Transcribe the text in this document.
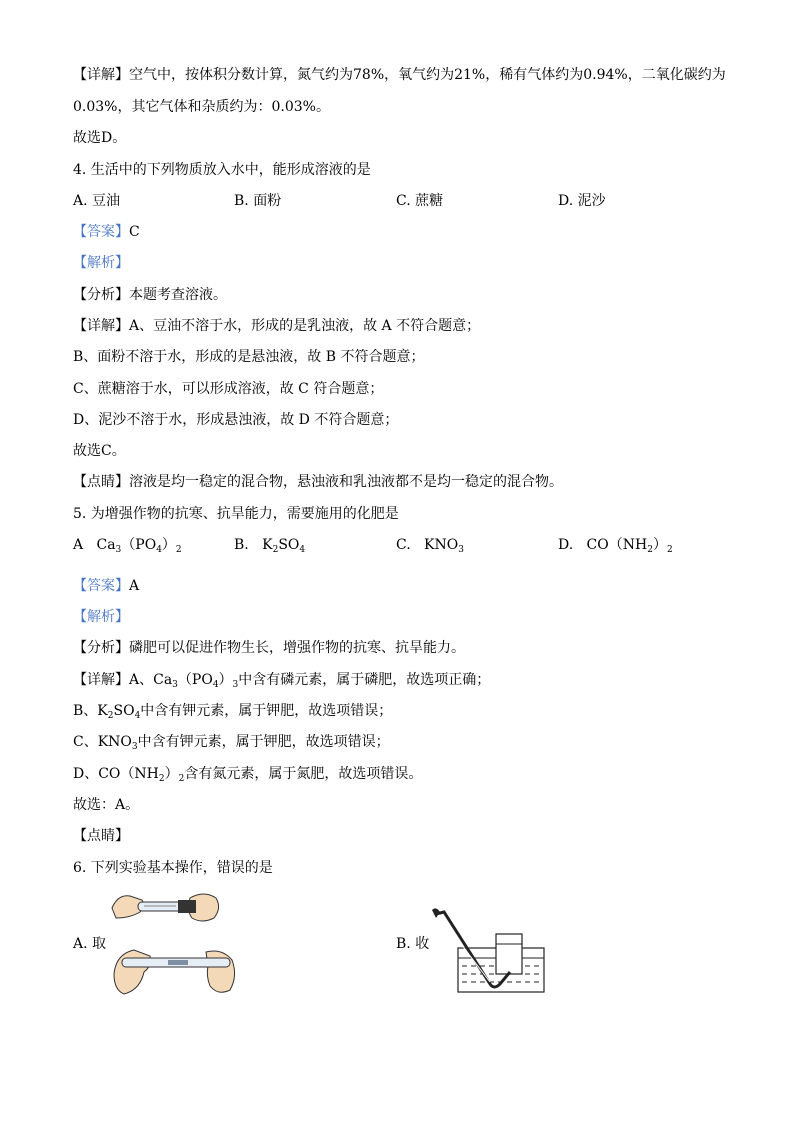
【详解】空气中，按体积分数计算，氮气约为78%，氧气约为21%，稀有气体约为0.94%，二氧化碳约为
0.03%，其它气体和杂质约为：0.03%。
故选D。
4. 生活中的下列物质放入水中，能形成溶液的是
A. 豆油	B. 面粉	C. 蔗糖	D. 泥沙
【答案】C
【解析】
【分析】本题考查溶液。
【详解】A、豆油不溶于水，形成的是乳浊液，故 A 不符合题意；
B、面粉不溶于水，形成的是悬浊液，故 B 不符合题意；
C、蔗糖溶于水，可以形成溶液，故 C 符合题意；
D、泥沙不溶于水，形成悬浊液，故 D 不符合题意；
故选C。
【点睛】溶液是均一稳定的混合物，悬浊液和乳浊液都不是均一稳定的混合物。
5. 为增强作物的抗寒、抗旱能力，需要施用的化肥是
A $Ca_3(PO_4)_2$	B. $K_2SO_4$	C. $KNO_3$	D. $CO(NH_2)_2$
【答案】A
【解析】
【分析】磷肥可以促进作物生长，增强作物的抗寒、抗旱能力。
【详解】A、$Ca_3(PO_4)_3$中含有磷元素，属于磷肥，故选项正确；
B、$K_2SO_4$中含有钾元素，属于钾肥，故选项错误；
C、$KNO_3$中含有钾元素，属于钾肥，故选项错误；
D、$CO(NH_2)_2$含有氮元素，属于氮肥，故选项错误。
故选：A。
【点睛】
6. 下列实验基本操作，错误的是
A. 取	B. 收
